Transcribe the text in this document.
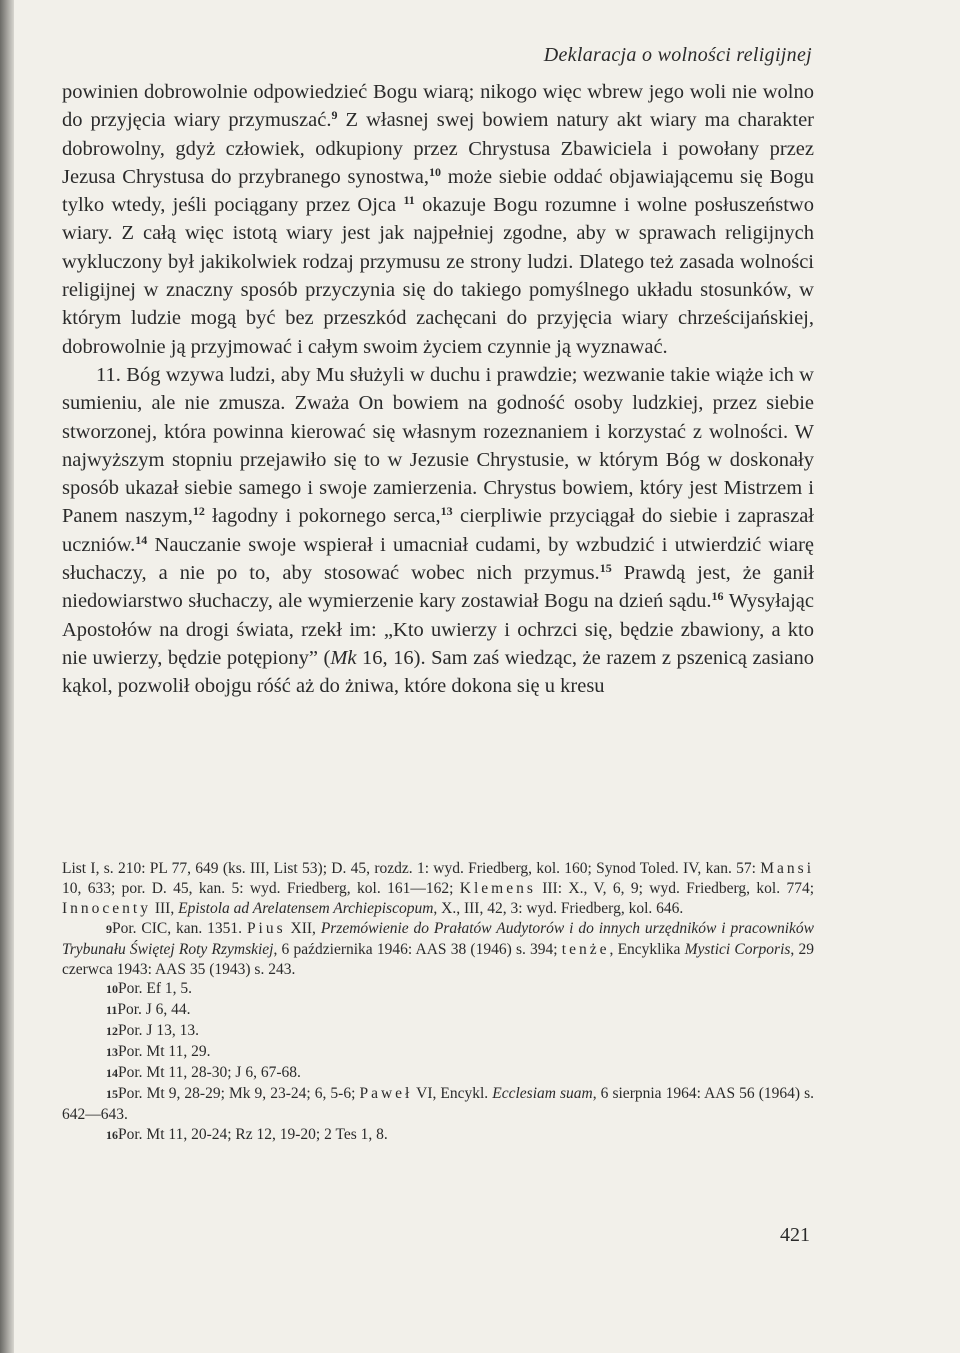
Deklaracja o wolności religijnej

powinien dobrowolnie odpowiedzieć Bogu wiarą; nikogo więc wbrew jego woli nie wolno do przyjęcia wiary przymuszać.$^9$ Z własnej swej bowiem natury akt wiary ma charakter dobrowolny, gdyż człowiek, odkupiony przez Chrystusa Zbawiciela i powołany przez Jezusa Chrystusa do przybranego synostwa,$^{10}$ może siebie oddać objawiającemu się Bogu tylko wtedy, jeśli pociągany przez Ojca $^{11}$ okazuje Bogu rozumne i wolne posłuszeństwo wiary. Z całą więc istotą wiary jest jak najpełniej zgodne, aby w sprawach religijnych wykluczony był jakikolwiek rodzaj przymusu ze strony ludzi. Dlatego też zasada wolności religijnej w znaczny sposób przyczynia się do takiego pomyślnego układu stosunków, w którym ludzie mogą być bez przeszkód zachęcani do przyjęcia wiary chrześcijańskiej, dobrowolnie ją przyjmować i całym swoim życiem czynnie ją wyznawać.

11. Bóg wzywa ludzi, aby Mu służyli w duchu i prawdzie; wezwanie takie wiąże ich w sumieniu, ale nie zmusza. Zważa On bowiem na godność osoby ludzkiej, przez siebie stworzonej, która powinna kierować się własnym rozeznaniem i korzystać z wolności. W najwyższym stopniu przejawiło się to w Jezusie Chrystusie, w którym Bóg w doskonały sposób ukazał siebie samego i swoje zamierzenia. Chrystus bowiem, który jest Mistrzem i Panem naszym,$^{12}$ łagodny i pokornego serca,$^{13}$ cierpliwie przyciągał do siebie i zapraszał uczniów.$^{14}$ Nauczanie swoje wspierał i umacniał cudami, by wzbudzić i utwierdzić wiarę słuchaczy, a nie po to, aby stosować wobec nich przymus.$^{15}$ Prawdą jest, że ganił niedowiarstwo słuchaczy, ale wymierzenie kary zostawiał Bogu na dzień sądu.$^{16}$ Wysyłając Apostołów na drogi świata, rzekł im: „Kto uwierzy i ochrzci się, będzie zbawiony, a kto nie uwierzy, będzie potępiony” (Mk 16, 16). Sam zaś wiedząc, że razem z pszenicą zasiano kąkol, pozwolił obojgu róść aż do żniwa, które dokona się u kresu

List I, s. 210: PL 77, 649 (ks. III, List 53); D. 45, rozdz. 1: wyd. Friedberg, kol. 160; Synod Toled. IV, kan. 57: Mansi 10, 633; por. D. 45, kan. 5: wyd. Friedberg, kol. 161—162; Klemens III: X., V, 6, 9; wyd. Friedberg, kol. 774; Innocenty III, Epistola ad Arelatensem Archiepiscopum, X., III, 42, 3: wyd. Friedberg, kol. 646.

9Por. CIC, kan. 1351. Pius XII, Przemówienie do Prałatów Audytorów i do innych urzędników i pracowników Trybunału Świętej Roty Rzymskiej, 6 października 1946: AAS 38 (1946) s. 394; tenże, Encyklika Mystici Corporis, 29 czerwca 1943: AAS 35 (1943) s. 243.

10Por. Ef 1, 5.

11Por. J 6, 44.

12Por. J 13, 13.

13Por. Mt 11, 29.

14Por. Mt 11, 28-30; J 6, 67-68.

15Por. Mt 9, 28-29; Mk 9, 23-24; 6, 5-6; Paweł VI, Encykl. Ecclesiam suam, 6 sierpnia 1964: AAS 56 (1964) s. 642—643.

16Por. Mt 11, 20-24; Rz 12, 19-20; 2 Tes 1, 8.

421
